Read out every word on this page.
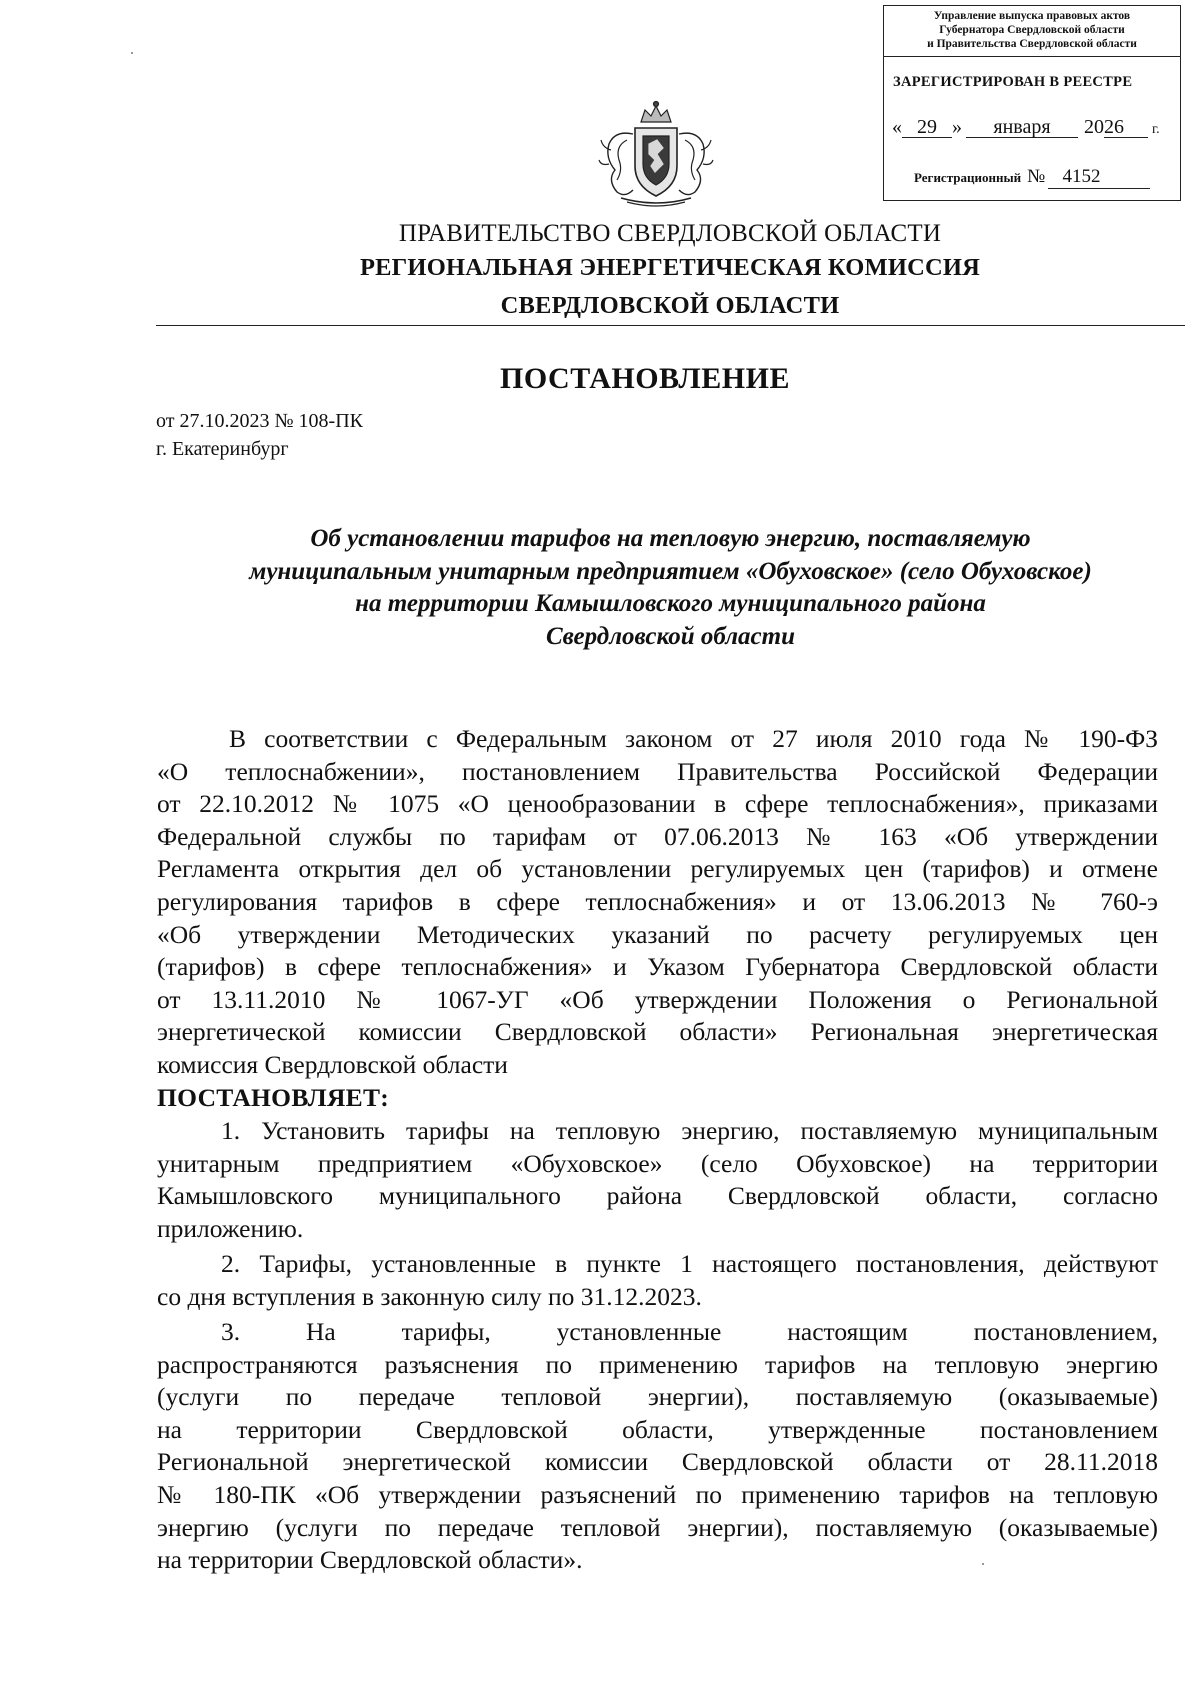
Управление выпуска правовых актов
Губернатора Свердловской области
и Правительства Свердловской области
ЗАРЕГИСТРИРОВАН В РЕЕСТРЕ
« 29 » января 2026 г.
Регистрационный № 4152
ПРАВИТЕЛЬСТВО СВЕРДЛОВСКОЙ ОБЛАСТИ
РЕГИОНАЛЬНАЯ ЭНЕРГЕТИЧЕСКАЯ КОМИССИЯ
СВЕРДЛОВСКОЙ ОБЛАСТИ
ПОСТАНОВЛЕНИЕ
от 27.10.2023 № 108-ПК
г. Екатеринбург
Об установлении тарифов на тепловую энергию, поставляемую
муниципальным унитарным предприятием «Обуховское» (село Обуховское)
на территории Камышловского муниципального района
Свердловской области
В соответствии с Федеральным законом от 27 июля 2010 года № 190-ФЗ
«О теплоснабжении», постановлением Правительства Российской Федерации
от 22.10.2012 № 1075 «О ценообразовании в сфере теплоснабжения», приказами
Федеральной службы по тарифам от 07.06.2013 № 163 «Об утверждении
Регламента открытия дел об установлении регулируемых цен (тарифов) и отмене
регулирования тарифов в сфере теплоснабжения» и от 13.06.2013 № 760-э
«Об утверждении Методических указаний по расчету регулируемых цен
(тарифов) в сфере теплоснабжения» и Указом Губернатора Свердловской области
от 13.11.2010 № 1067-УГ «Об утверждении Положения о Региональной
энергетической комиссии Свердловской области» Региональная энергетическая
комиссия Свердловской области
ПОСТАНОВЛЯЕТ:
1. Установить тарифы на тепловую энергию, поставляемую муниципальным
унитарным предприятием «Обуховское» (село Обуховское) на территории
Камышловского муниципального района Свердловской области, согласно
приложению.
2. Тарифы, установленные в пункте 1 настоящего постановления, действуют
со дня вступления в законную силу по 31.12.2023.
3. На тарифы, установленные настоящим постановлением,
распространяются разъяснения по применению тарифов на тепловую энергию
(услуги по передаче тепловой энергии), поставляемую (оказываемые)
на территории Свердловской области, утвержденные постановлением
Региональной энергетической комиссии Свердловской области от 28.11.2018
№ 180-ПК «Об утверждении разъяснений по применению тарифов на тепловую
энергию (услуги по передаче тепловой энергии), поставляемую (оказываемые)
на территории Свердловской области».
